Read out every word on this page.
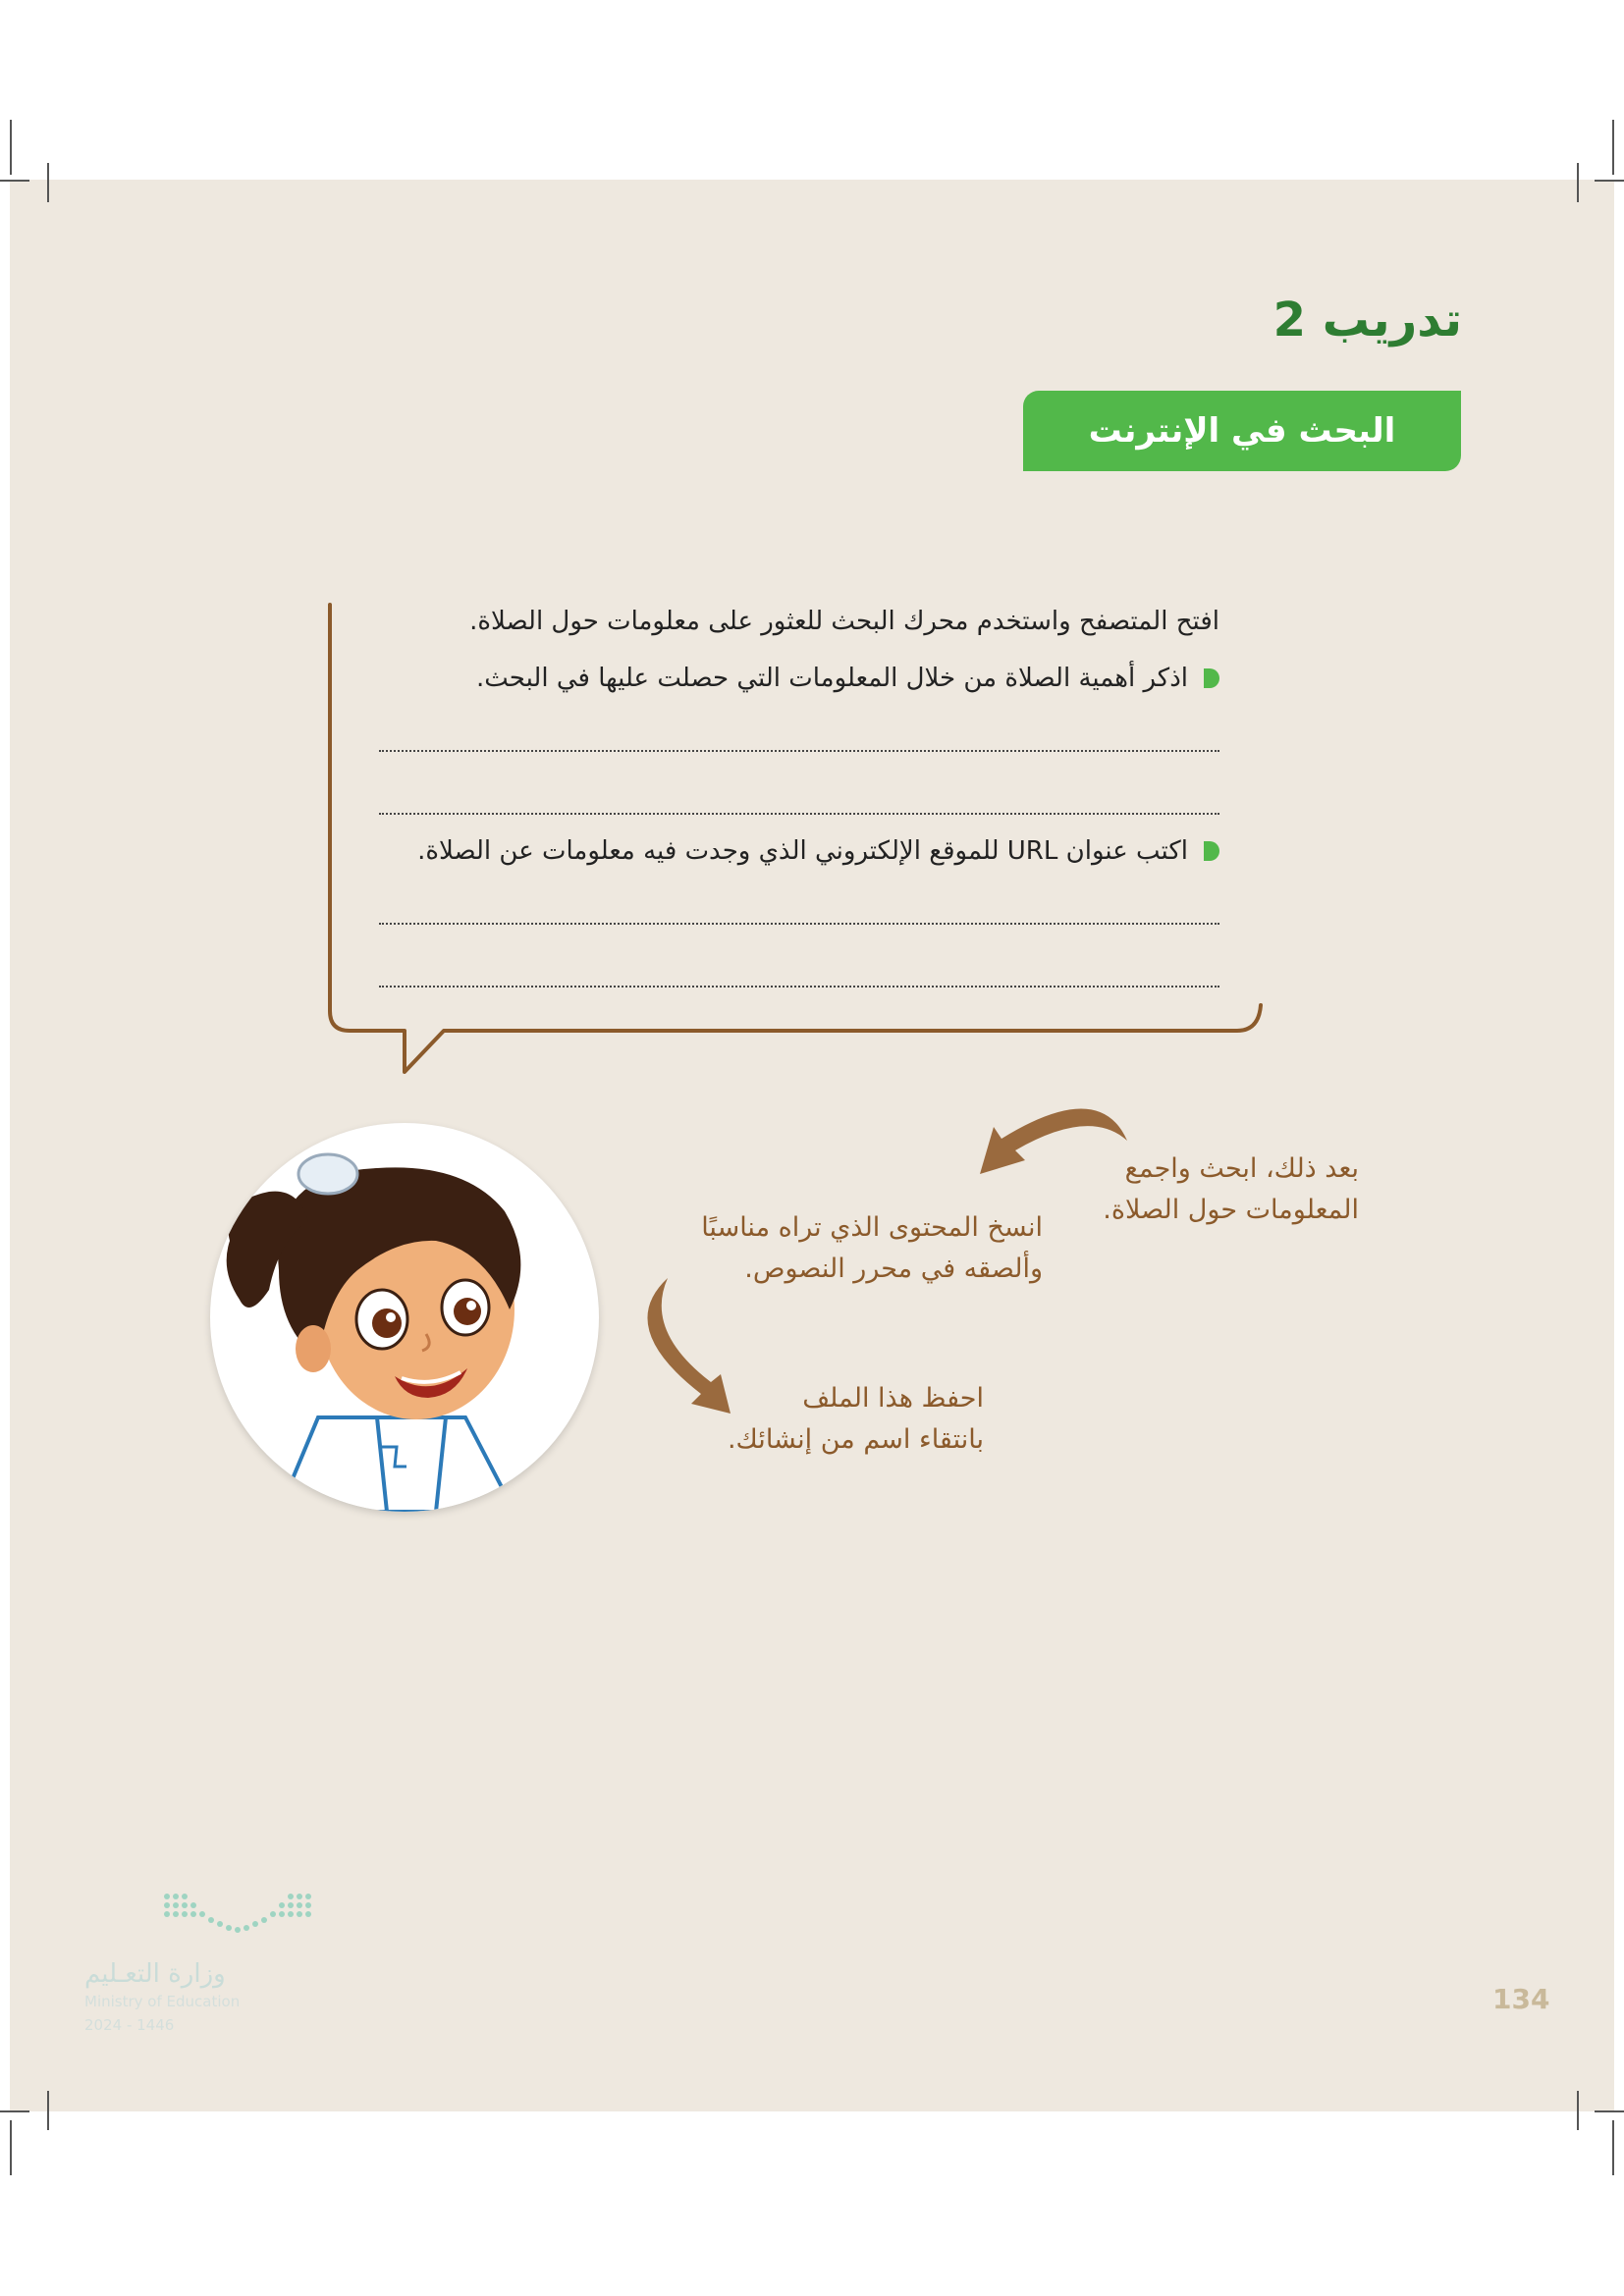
تدريب 2
البحث في الإنترنت
افتح المتصفح واستخدم محرك البحث للعثور على معلومات حول الصلاة.
اذكر أهمية الصلاة من خلال المعلومات التي حصلت عليها في البحث.
اكتب عنوان URL للموقع الإلكتروني الذي وجدت فيه معلومات عن الصلاة.
بعد ذلك، ابحث واجمع
المعلومات حول الصلاة.
انسخ المحتوى الذي تراه مناسبًا
وألصقه في محرر النصوص.
احفظ هذا الملف
بانتقاء اسم من إنشائك.
وزارة التعـليم
Ministry of Education
2024 - 1446
134
